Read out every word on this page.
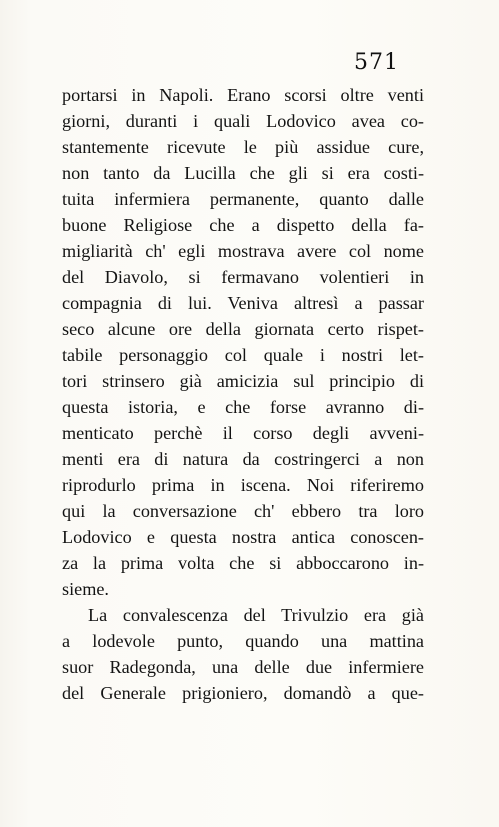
571
portarsi in Napoli. Erano scorsi oltre venti
giorni, duranti i quali Lodovico avea co-
stantemente ricevute le più assidue cure,
non tanto da Lucilla che gli si era costi-
tuita infermiera permanente, quanto dalle
buone Religiose che a dispetto della fa-
migliarità ch' egli mostrava avere col nome
del Diavolo, si fermavano volentieri in
compagnia di lui. Veniva altresì a passar
seco alcune ore della giornata certo rispet-
tabile personaggio col quale i nostri let-
tori strinsero già amicizia sul principio di
questa istoria, e che forse avranno di-
menticato perchè il corso degli avveni-
menti era di natura da costringerci a non
riprodurlo prima in iscena. Noi riferiremo
qui la conversazione ch' ebbero tra loro
Lodovico e questa nostra antica conoscen-
za la prima volta che si abboccarono in-
sieme.
La convalescenza del Trivulzio era già
a lodevole punto, quando una mattina
suor Radegonda, una delle due infermiere
del Generale prigioniero, domandò a que-
